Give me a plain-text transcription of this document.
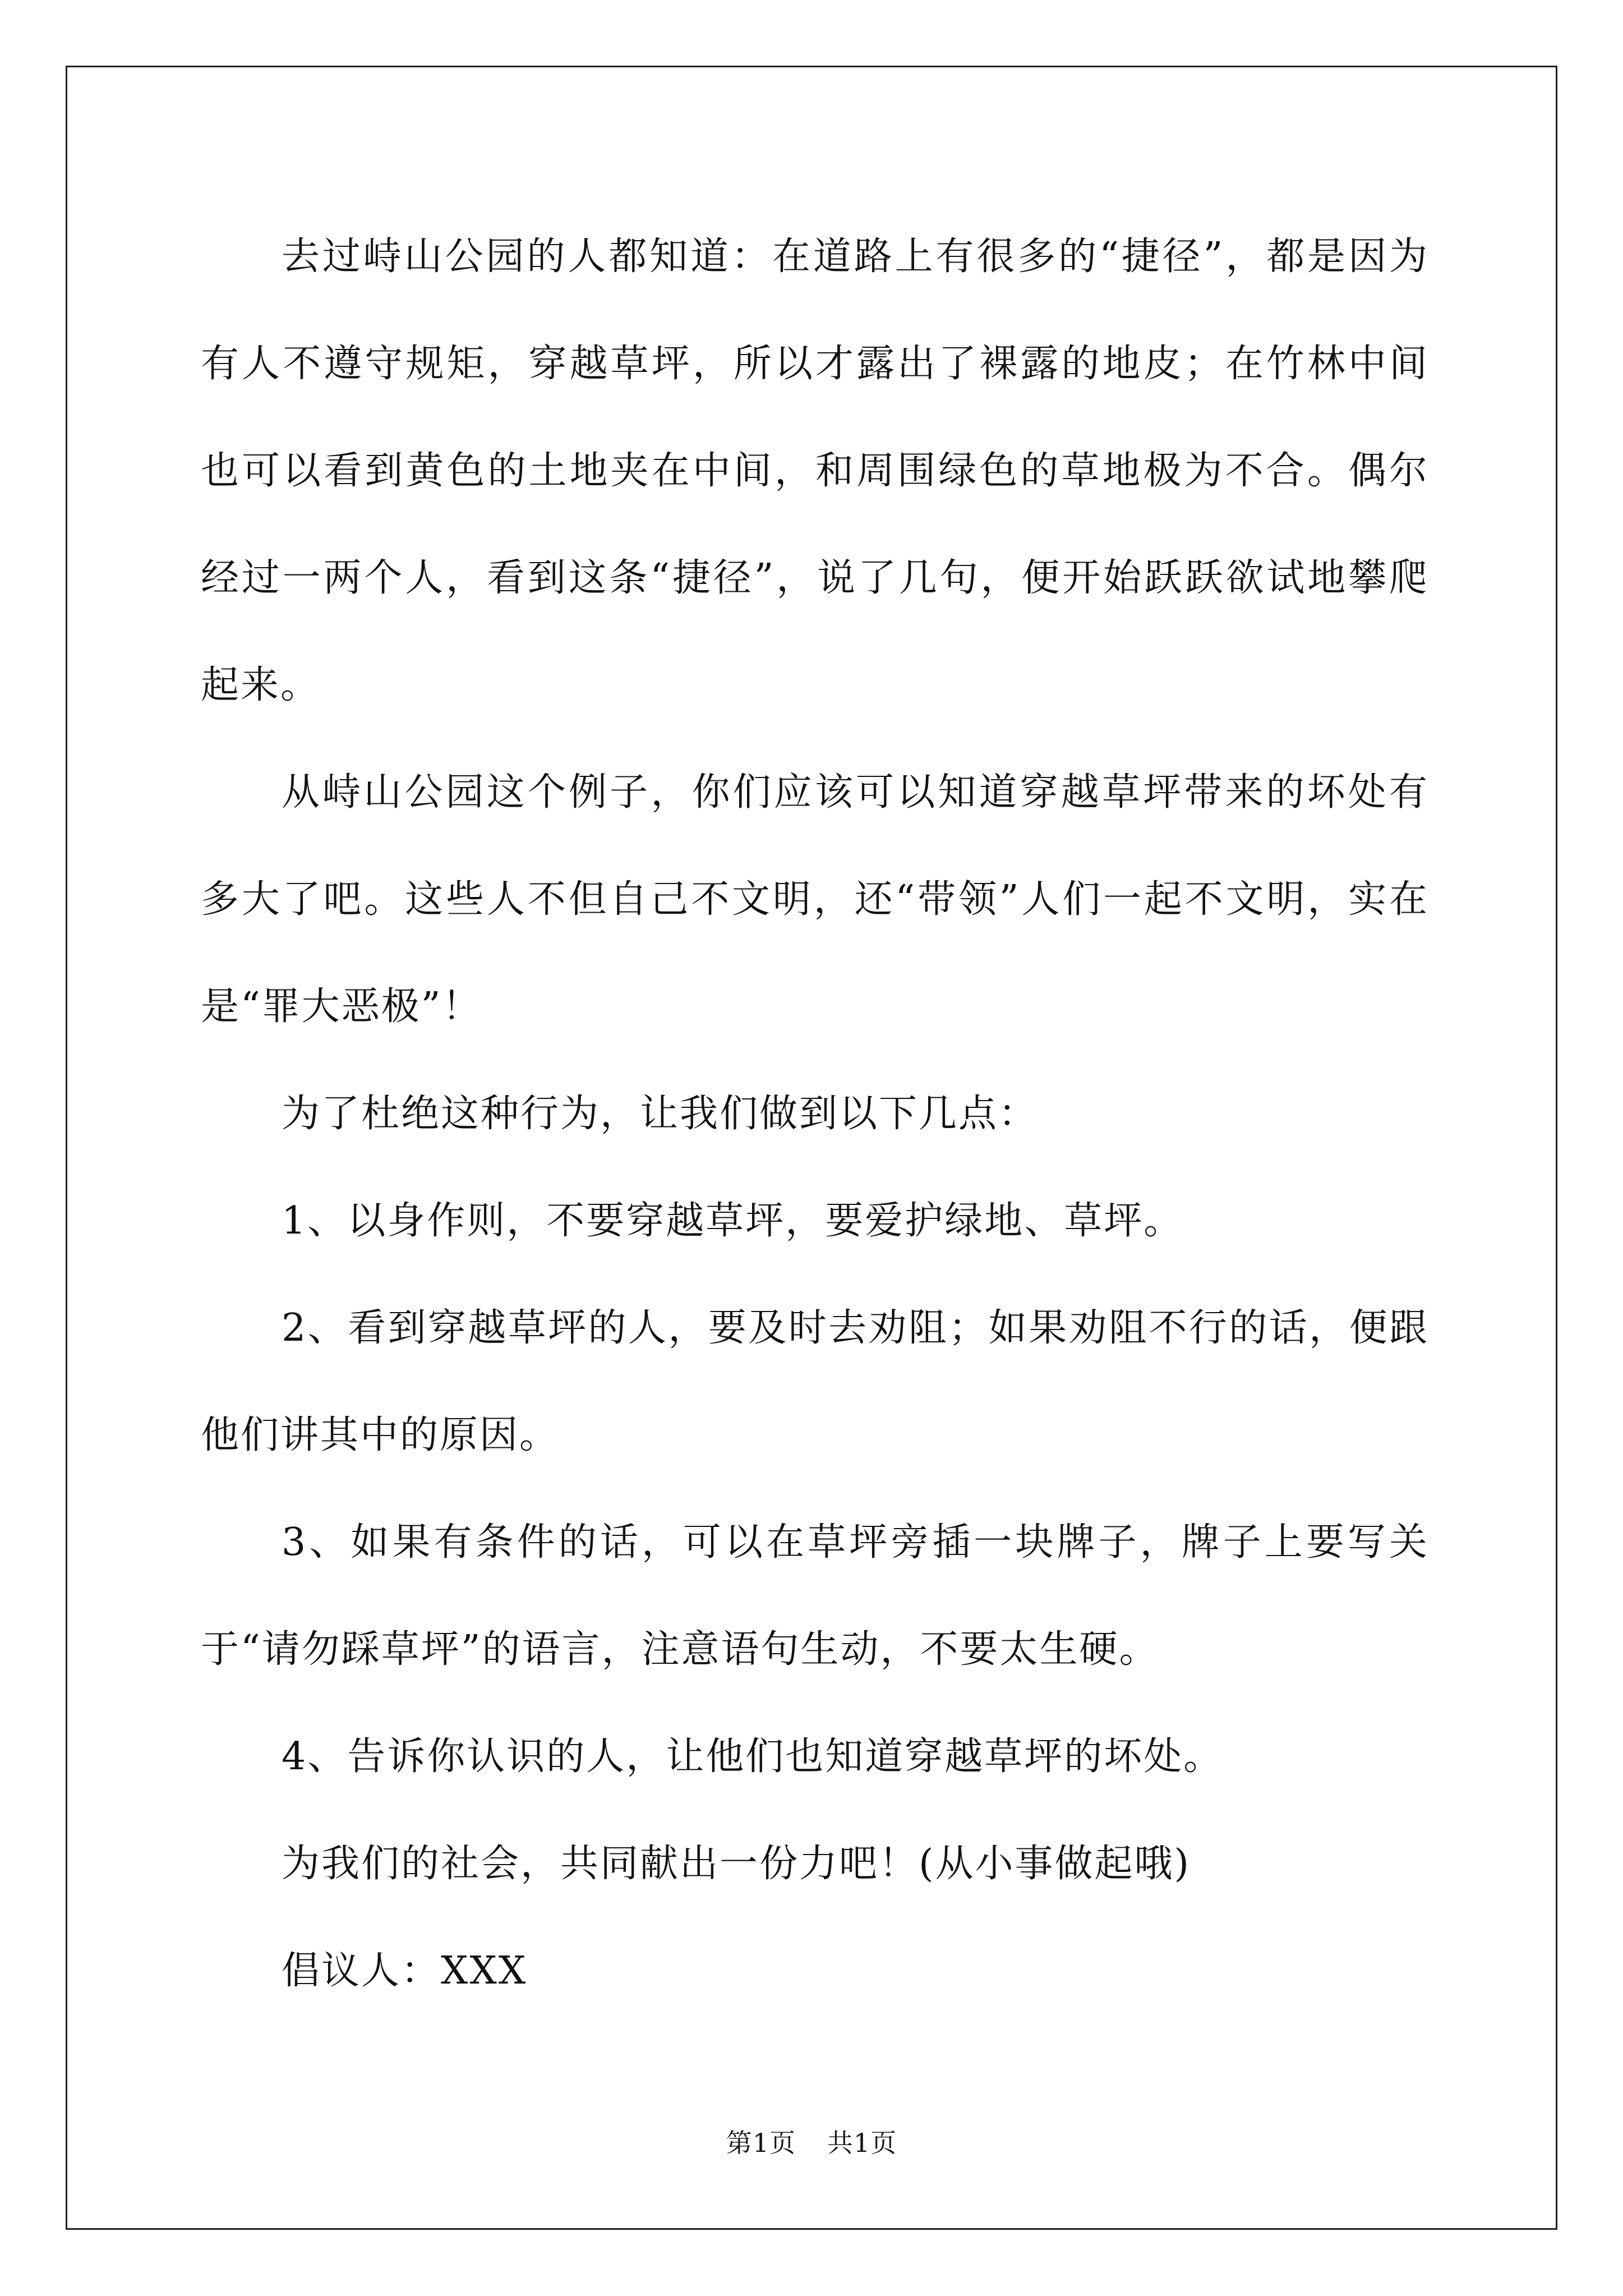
去过峙山公园的人都知道：在道路上有很多的“捷径”，都是因为有人不遵守规矩，穿越草坪，所以才露出了裸露的地皮；在竹林中间也可以看到黄色的土地夹在中间，和周围绿色的草地极为不合。偶尔经过一两个人，看到这条“捷径”，说了几句，便开始跃跃欲试地攀爬起来。

从峙山公园这个例子，你们应该可以知道穿越草坪带来的坏处有多大了吧。这些人不但自己不文明，还“带领”人们一起不文明，实在是“罪大恶极”！

为了杜绝这种行为，让我们做到以下几点：

1、以身作则，不要穿越草坪，要爱护绿地、草坪。

2、看到穿越草坪的人，要及时去劝阻；如果劝阻不行的话，便跟他们讲其中的原因。

3、如果有条件的话，可以在草坪旁插一块牌子，牌子上要写关于“请勿踩草坪”的语言，注意语句生动，不要太生硬。

4、告诉你认识的人，让他们也知道穿越草坪的坏处。

为我们的社会，共同献出一份力吧！(从小事做起哦)

倡议人：XXX

第1页 共1页
